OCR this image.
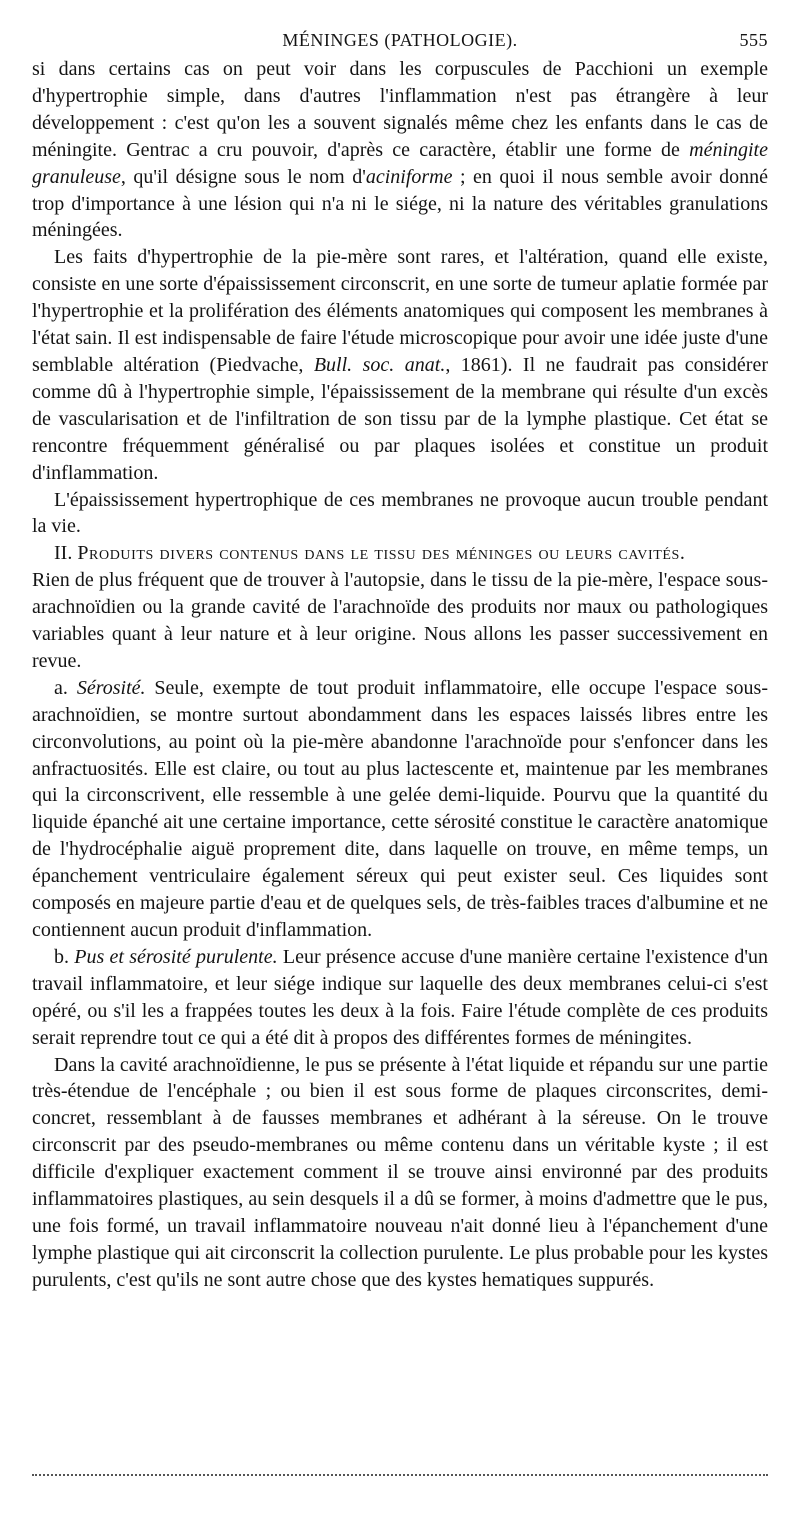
MÉNINGES (PATHOLOGIE).	555

si dans certains cas on peut voir dans les corpuscules de Pacchioni un exemple d'hypertrophie simple, dans d'autres l'inflammation n'est pas étrangère à leur développement : c'est qu'on les a souvent signalés même chez les enfants dans le cas de méningite. Gentrac a cru pouvoir, d'après ce caractère, établir une forme de méningite granuleuse, qu'il désigne sous le nom d'aciniforme ; en quoi il nous semble avoir donné trop d'importance à une lésion qui n'a ni le siége, ni la nature des véritables granulations méningées.

Les faits d'hypertrophie de la pie-mère sont rares, et l'altération, quand elle existe, consiste en une sorte d'épaississement circonscrit, en une sorte de tumeur aplatie formée par l'hypertrophie et la prolifération des éléments anatomiques qui composent les membranes à l'état sain. Il est indispensable de faire l'étude microscopique pour avoir une idée juste d'une semblable altération (Piedvache, Bull. soc. anat., 1861). Il ne faudrait pas considérer comme dû à l'hypertrophie simple, l'épaississement de la membrane qui résulte d'un excès de vascularisation et de l'infiltration de son tissu par de la lymphe plastique. Cet état se rencontre fréquemment généralisé ou par plaques isolées et constitue un produit d'inflammation.

L'épaississement hypertrophique de ces membranes ne provoque aucun trouble pendant la vie.

II. Produits divers contenus dans le tissu des méninges ou leurs cavités.

Rien de plus fréquent que de trouver à l'autopsie, dans le tissu de la pie-mère, l'espace sous-arachnoïdien ou la grande cavité de l'arachnoïde des produits nor maux ou pathologiques variables quant à leur nature et à leur origine. Nous allons les passer successivement en revue.

a. Sérosité. Seule, exempte de tout produit inflammatoire, elle occupe l'espace sous-arachnoïdien, se montre surtout abondamment dans les espaces laissés libres entre les circonvolutions, au point où la pie-mère abandonne l'arachnoïde pour s'enfoncer dans les anfractuosités. Elle est claire, ou tout au plus lactescente et, maintenue par les membranes qui la circonscrivent, elle ressemble à une gelée demi-liquide. Pourvu que la quantité du liquide épanché ait une certaine importance, cette sérosité constitue le caractère anatomique de l'hydrocéphalie aiguë proprement dite, dans laquelle on trouve, en même temps, un épanchement ventriculaire également séreux qui peut exister seul. Ces liquides sont composés en majeure partie d'eau et de quelques sels, de très-faibles traces d'albumine et ne contiennent aucun produit d'inflammation.

b. Pus et sérosité purulente. Leur présence accuse d'une manière certaine l'existence d'un travail inflammatoire, et leur siége indique sur laquelle des deux membranes celui-ci s'est opéré, ou s'il les a frappées toutes les deux à la fois. Faire l'étude complète de ces produits serait reprendre tout ce qui a été dit à propos des différentes formes de méningites.

Dans la cavité arachnoïdienne, le pus se présente à l'état liquide et répandu sur une partie très-étendue de l'encéphale ; ou bien il est sous forme de plaques circonscrites, demi-concret, ressemblant à de fausses membranes et adhérant à la séreuse. On le trouve circonscrit par des pseudo-membranes ou même contenu dans un véritable kyste ; il est difficile d'expliquer exactement comment il se trouve ainsi environné par des produits inflammatoires plastiques, au sein desquels il a dû se former, à moins d'admettre que le pus, une fois formé, un travail inflammatoire nouveau n'ait donné lieu à l'épanchement d'une lymphe plastique qui ait circonscrit la collection purulente. Le plus probable pour les kystes purulents, c'est qu'ils ne sont autre chose que des kystes hematiques suppurés.
